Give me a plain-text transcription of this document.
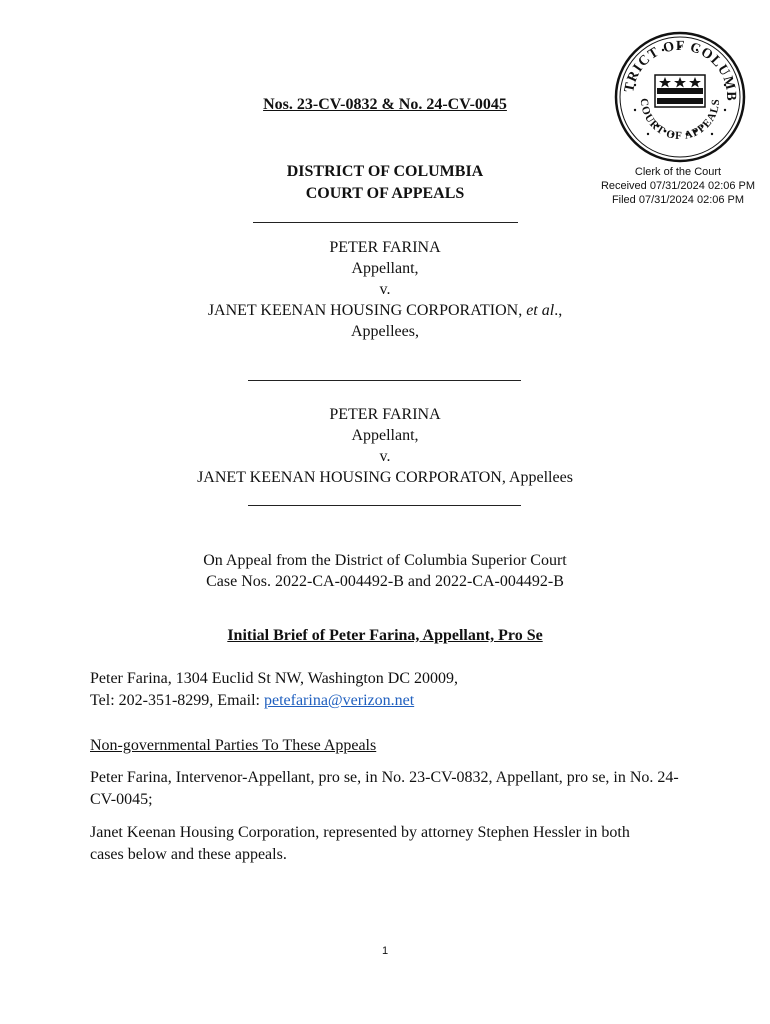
TRICT OF COLUMB
COURT OF APPEALS
Clerk of the Court
Received 07/31/2024 02:06 PM
Filed 07/31/2024 02:06 PM
Nos. 23-CV-0832 & No. 24-CV-0045
DISTRICT OF COLUMBIA
COURT OF APPEALS
PETER FARINA
Appellant,
v.
JANET KEENAN HOUSING CORPORATION, et al.,
Appellees,
PETER FARINA
Appellant,
v.
JANET KEENAN HOUSING CORPORATON, Appellees
On Appeal from the District of Columbia Superior Court
Case Nos. 2022-CA-004492-B and 2022-CA-004492-B
Initial Brief of Peter Farina, Appellant, Pro Se
Peter Farina, 1304 Euclid St NW, Washington DC 20009,
Tel: 202-351-8299, Email: petefarina@verizon.net
Non-governmental Parties To These Appeals
Peter Farina, Intervenor-Appellant, pro se, in No. 23-CV-0832, Appellant, pro se, in No. 24-CV-0045;
Janet Keenan Housing Corporation, represented by attorney Stephen Hessler in both cases below and these appeals.
1
